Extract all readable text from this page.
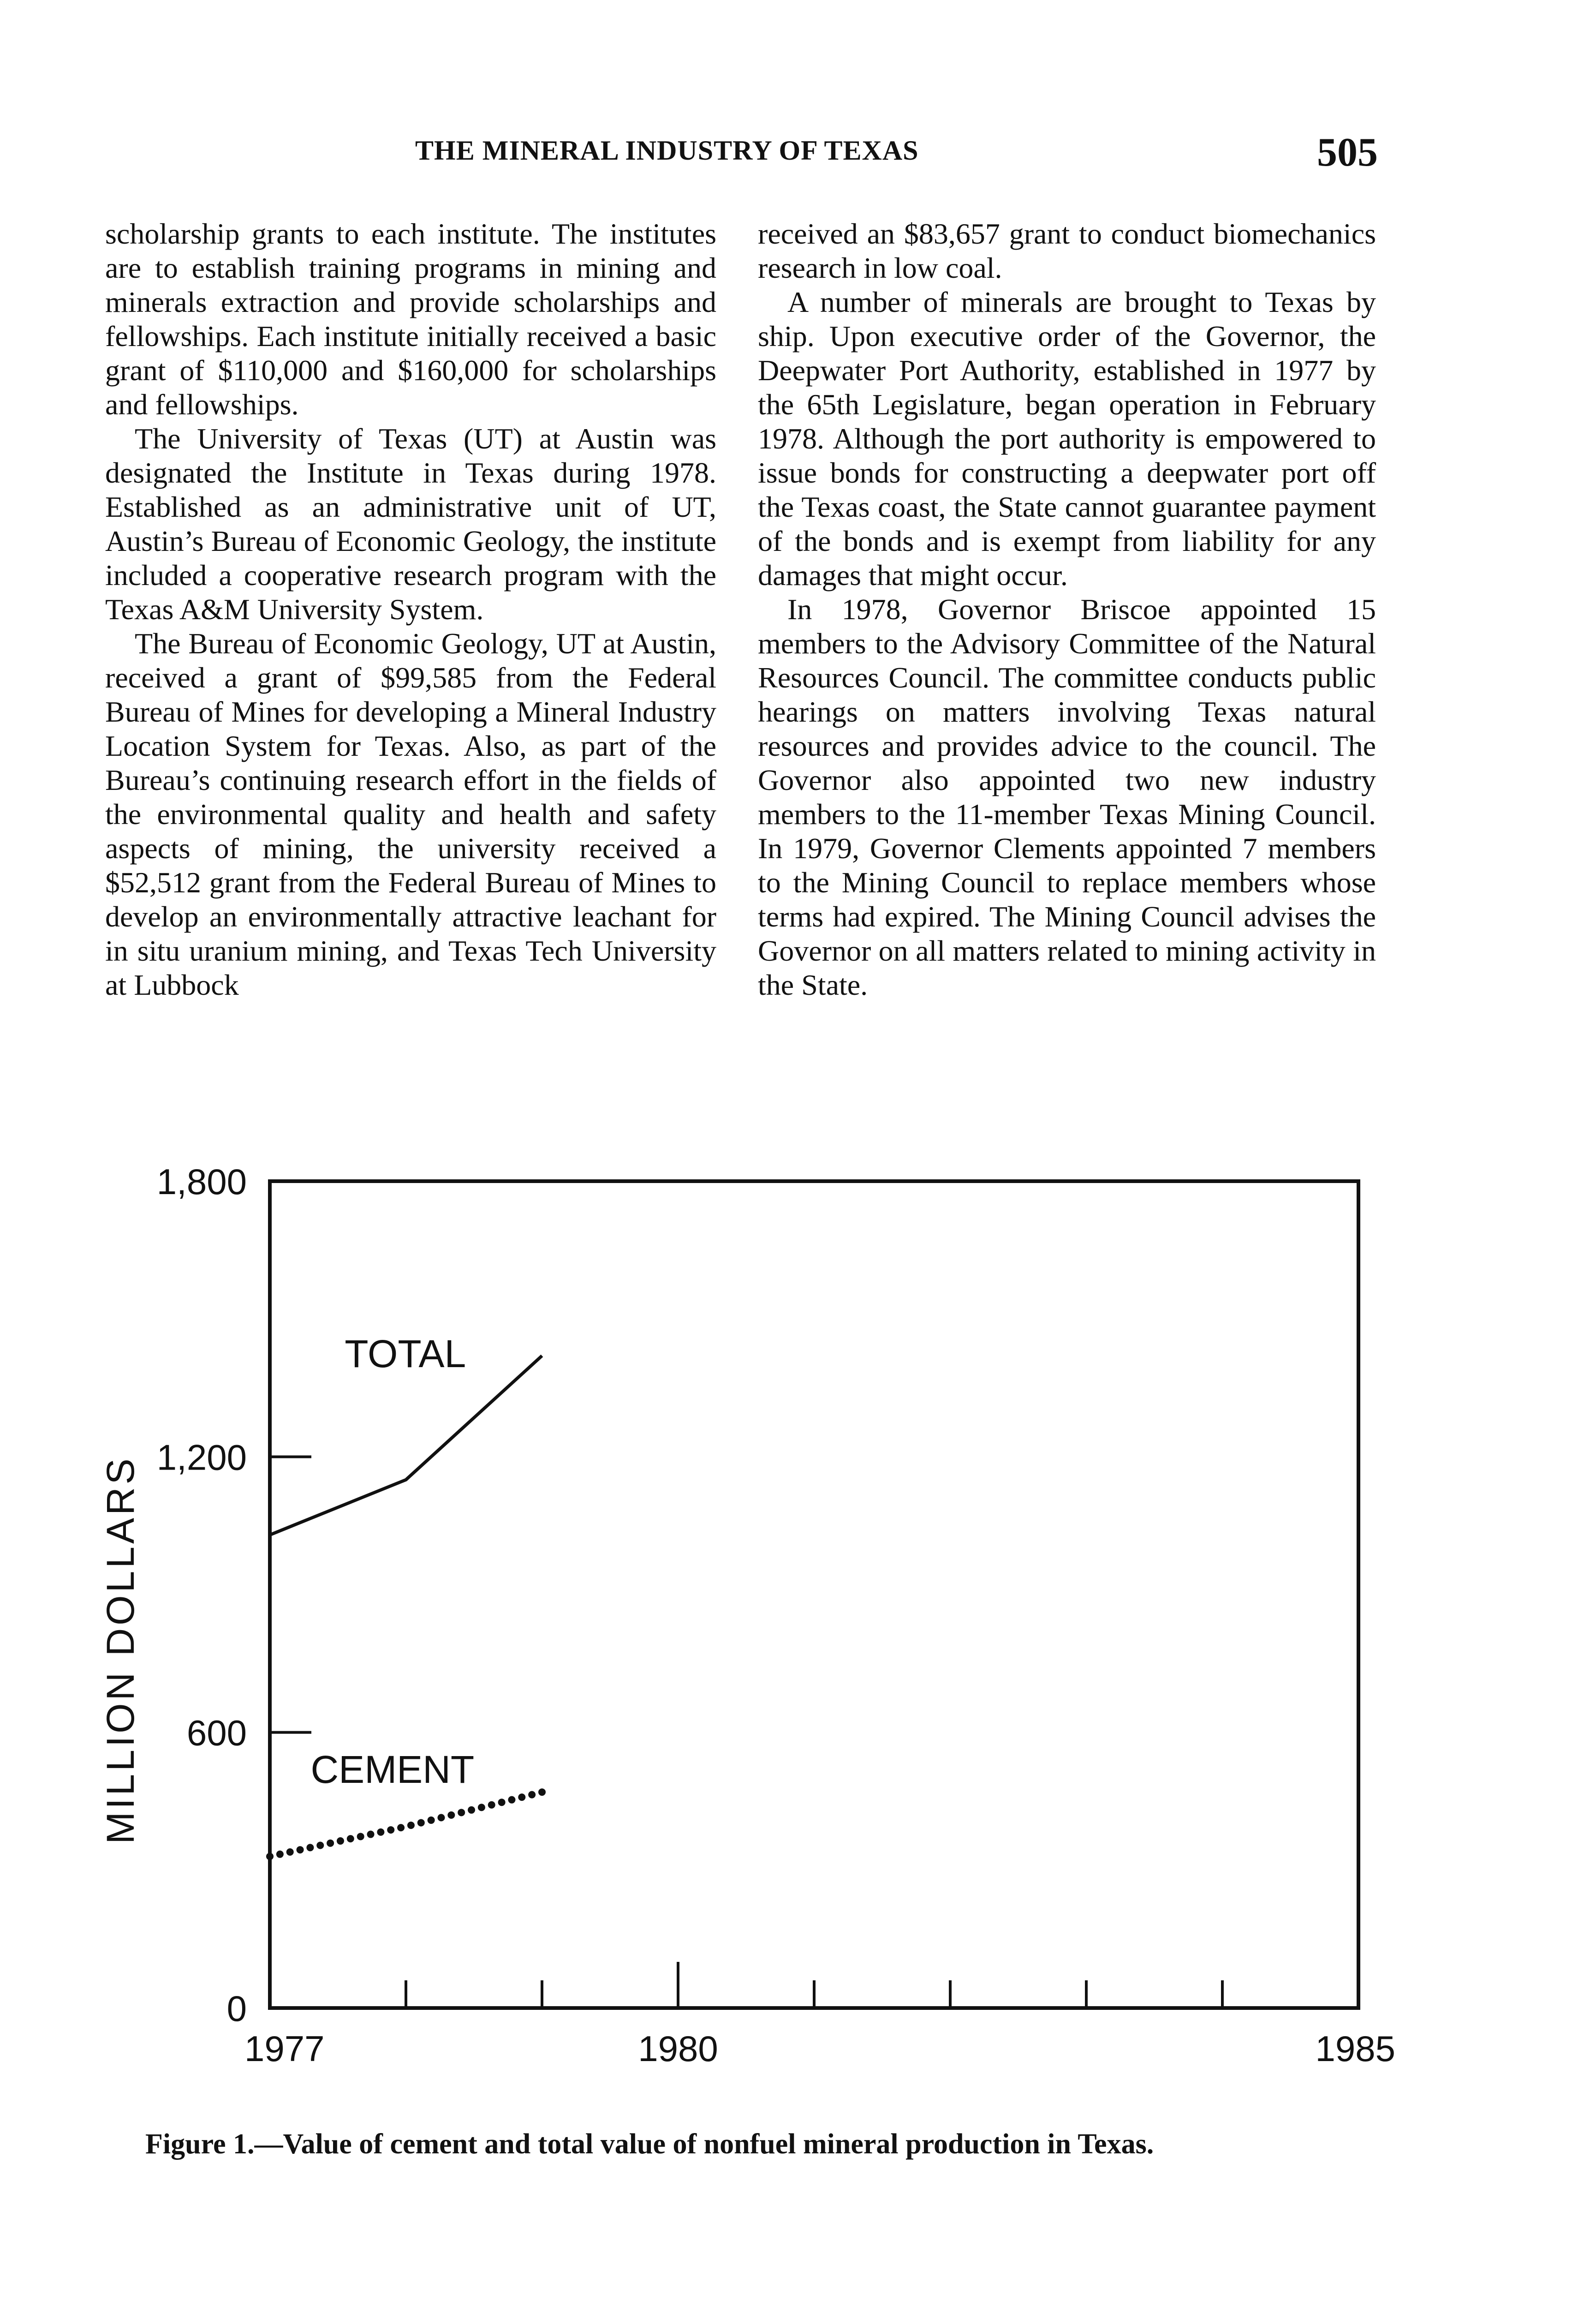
THE MINERAL INDUSTRY OF TEXAS	505

scholarship grants to each institute. The institutes are to establish training programs in mining and minerals extraction and provide scholarships and fellowships. Each institute initially received a basic grant of $110,000 and $160,000 for scholarships and fellowships.

The University of Texas (UT) at Austin was designated the Institute in Texas during 1978. Established as an administrative unit of UT, Austin’s Bureau of Economic Geology, the institute included a cooperative research program with the Texas A&M University System.

The Bureau of Economic Geology, UT at Austin, received a grant of $99,585 from the Federal Bureau of Mines for developing a Mineral Industry Location System for Texas. Also, as part of the Bureau’s continuing research effort in the fields of the environmental quality and health and safety aspects of mining, the university received a $52,512 grant from the Federal Bureau of Mines to develop an environmentally attractive leachant for in situ uranium mining, and Texas Tech University at Lubbock

received an $83,657 grant to conduct biomechanics research in low coal.

A number of minerals are brought to Texas by ship. Upon executive order of the Governor, the Deepwater Port Authority, established in 1977 by the 65th Legislature, began operation in February 1978. Although the port authority is empowered to issue bonds for constructing a deepwater port off the Texas coast, the State cannot guarantee payment of the bonds and is exempt from liability for any damages that might occur.

In 1978, Governor Briscoe appointed 15 members to the Advisory Committee of the Natural Resources Council. The committee conducts public hearings on matters involving Texas natural resources and provides advice to the council. The Governor also appointed two new industry members to the 11-member Texas Mining Council. In 1979, Governor Clements appointed 7 members to the Mining Council to replace members whose terms had expired. The Mining Council advises the Governor on all matters related to mining activity in the State.

1977	1980	1985
0
600
1,200
1,800
TOTAL
CEMENT
MILLION DOLLARS
Figure 1.—Value of cement and total value of nonfuel mineral production in Texas.
